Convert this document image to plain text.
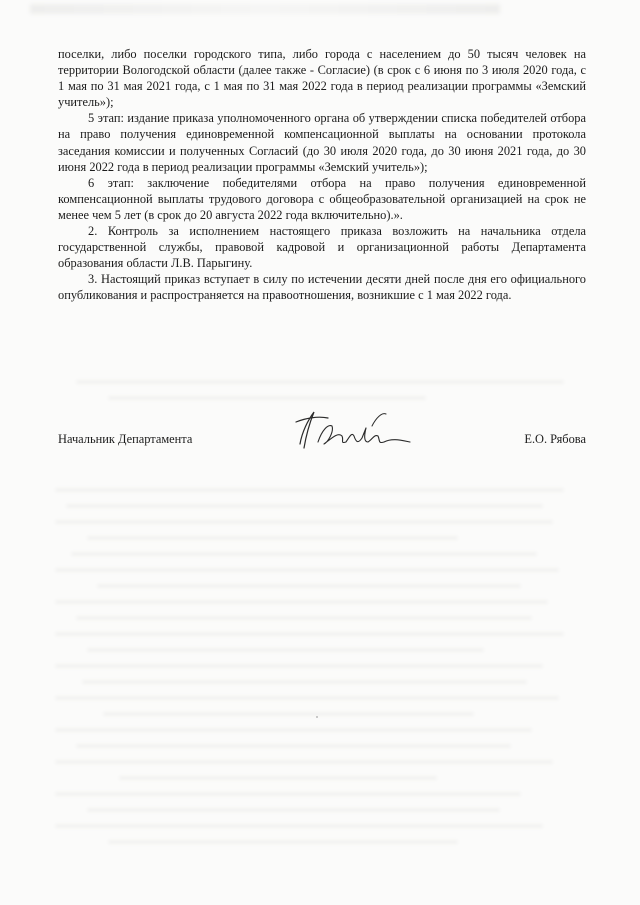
поселки, либо поселки городского типа, либо города с населением до 50 тысяч человек на территории Вологодской области (далее также - Согласие) (в срок с 6 июня по 3 июля 2020 года, с 1 мая по 31 мая 2021 года, с 1 мая по 31 мая 2022 года в период реализации программы «Земский учитель»);

5 этап: издание приказа уполномоченного органа об утверждении списка победителей отбора на право получения единовременной компенсационной выплаты на основании протокола заседания комиссии и полученных Согласий (до 30 июля 2020 года, до 30 июня 2021 года, до 30 июня 2022 года в период реализации программы «Земский учитель»);

6 этап: заключение победителями отбора на право получения единовременной компенсационной выплаты трудового договора с общеобразовательной организацией на срок не менее чем 5 лет (в срок до 20 августа 2022 года включительно).».

2. Контроль за исполнением настоящего приказа возложить на начальника отдела государственной службы, правовой кадровой и организационной работы Департамента образования области Л.В. Парыгину.

3. Настоящий приказ вступает в силу по истечении десяти дней после дня его официального опубликования и распространяется на правоотношения, возникшие с 1 мая 2022 года.

Начальник Департамента	Е.О. Рябова
